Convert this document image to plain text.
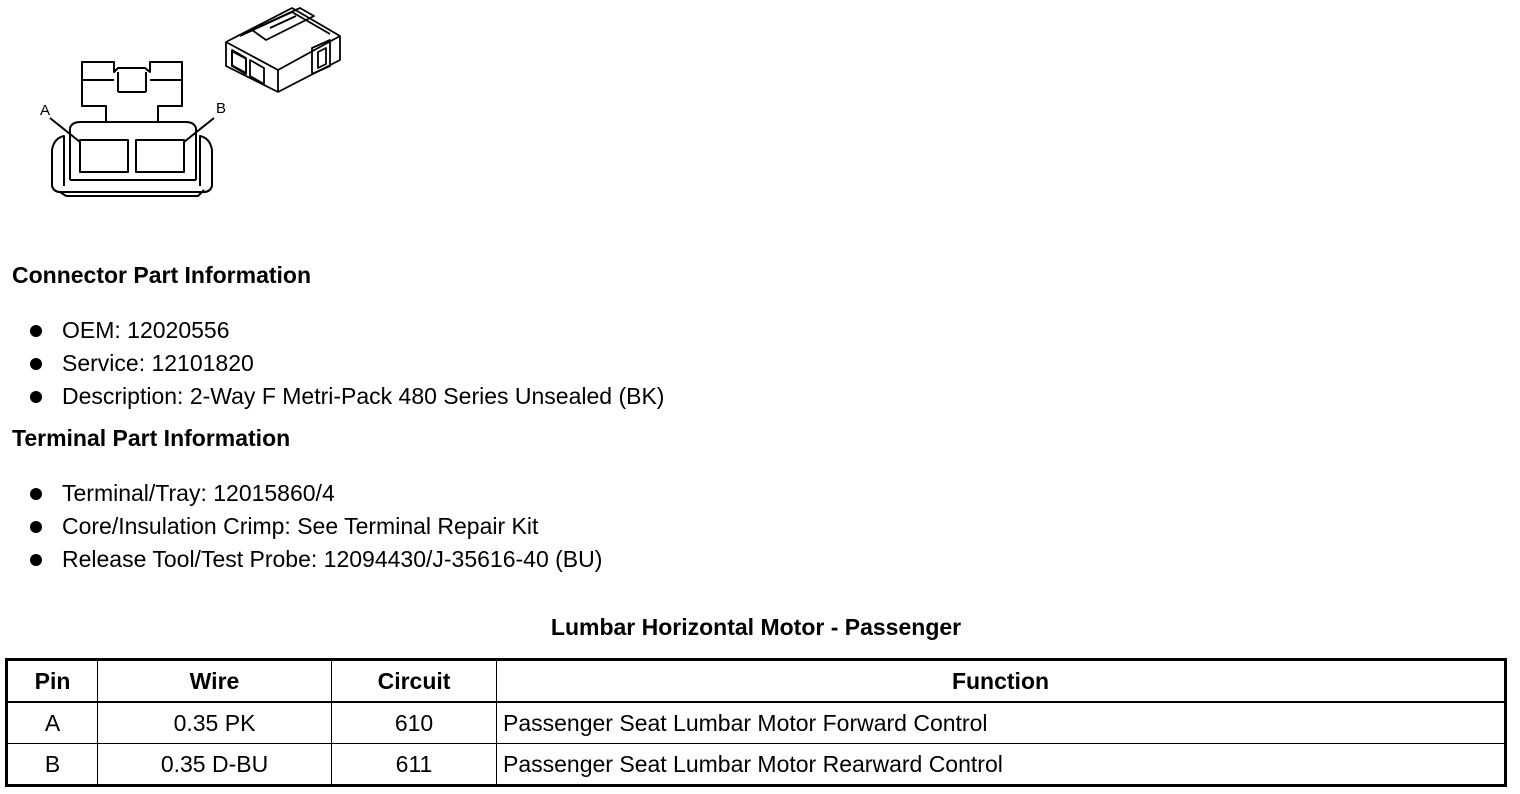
A	B
Connector Part Information
OEM: 12020556
Service: 12101820
Description: 2-Way F Metri-Pack 480 Series Unsealed (BK)
Terminal Part Information
Terminal/Tray: 12015860/4
Core/Insulation Crimp: See Terminal Repair Kit
Release Tool/Test Probe: 12094430/J-35616-40 (BU)
Lumbar Horizontal Motor - Passenger
Pin	Wire	Circuit	Function
A	0.35 PK	610	Passenger Seat Lumbar Motor Forward Control
B	0.35 D-BU	611	Passenger Seat Lumbar Motor Rearward Control
